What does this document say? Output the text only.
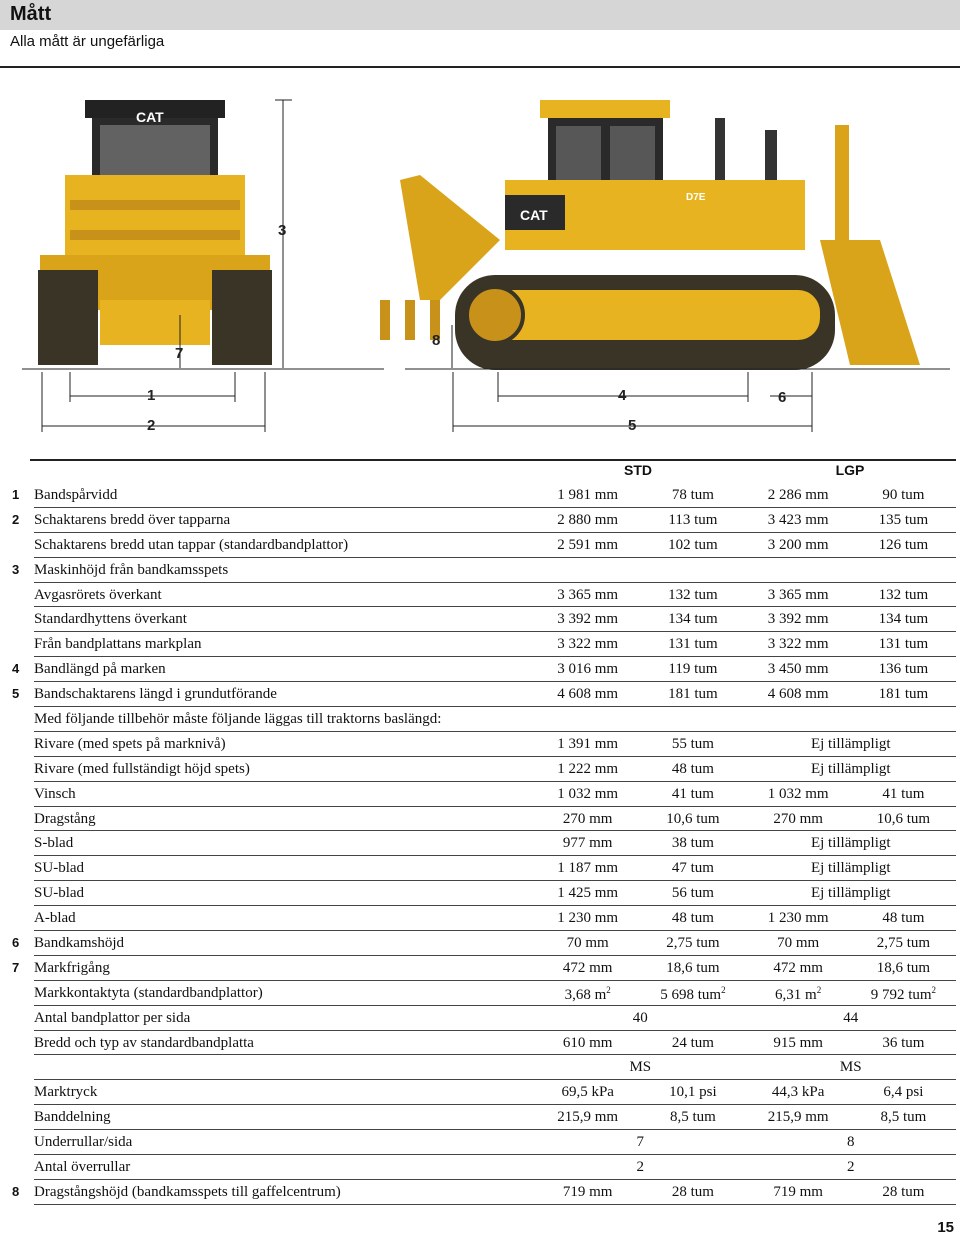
Mått
Alla mått är ungefärliga
CAT
CAT
D7E
3
7
8
1
2
4	6
5
STD	LGP
1	Bandspårvidd	1 981 mm	78 tum	2 286 mm	90 tum
2	Schaktarens bredd över tapparna	2 880 mm	113 tum	3 423 mm	135 tum
	Schaktarens bredd utan tappar (standardbandplattor)	2 591 mm	102 tum	3 200 mm	126 tum
3	Maskinhöjd från bandkamsspets				
	Avgasrörets överkant	3 365 mm	132 tum	3 365 mm	132 tum
	Standardhyttens överkant	3 392 mm	134 tum	3 392 mm	134 tum
	Från bandplattans markplan	3 322 mm	131 tum	3 322 mm	131 tum
4	Bandlängd på marken	3 016 mm	119 tum	3 450 mm	136 tum
5	Bandschaktarens längd i grundutförande	4 608 mm	181 tum	4 608 mm	181 tum
	Med följande tillbehör måste följande läggas till traktorns baslängd:				
	Rivare (med spets på marknivå)	1 391 mm	55 tum	Ej tillämpligt	
	Rivare (med fullständigt höjd spets)	1 222 mm	48 tum	Ej tillämpligt	
	Vinsch	1 032 mm	41 tum	1 032 mm	41 tum
	Dragstång	270 mm	10,6 tum	270 mm	10,6 tum
	S-blad	977 mm	38 tum	Ej tillämpligt	
	SU-blad	1 187 mm	47 tum	Ej tillämpligt	
	SU-blad	1 425 mm	56 tum	Ej tillämpligt	
	A-blad	1 230 mm	48 tum	1 230 mm	48 tum
6	Bandkamshöjd	70 mm	2,75 tum	70 mm	2,75 tum
7	Markfrigång	472 mm	18,6 tum	472 mm	18,6 tum
	Markkontaktyta (standardbandplattor)	3,68 $m^2$	5 698 tum$^2$	6,31 $m^2$	9 792 tum$^2$
	Antal bandplattor per sida	40		44	
	Bredd och typ av standardbandplatta	610 mm	24 tum	915 mm	36 tum
		MS		MS	
	Marktryck	69,5 kPa	10,1 psi	44,3 kPa	6,4 psi
	Banddelning	215,9 mm	8,5 tum	215,9 mm	8,5 tum
	Underrullar/sida	7		8	
	Antal överrullar	2		2	
8	Dragstångshöjd (bandkamsspets till gaffelcentrum)	719 mm	28 tum	719 mm	28 tum
15
